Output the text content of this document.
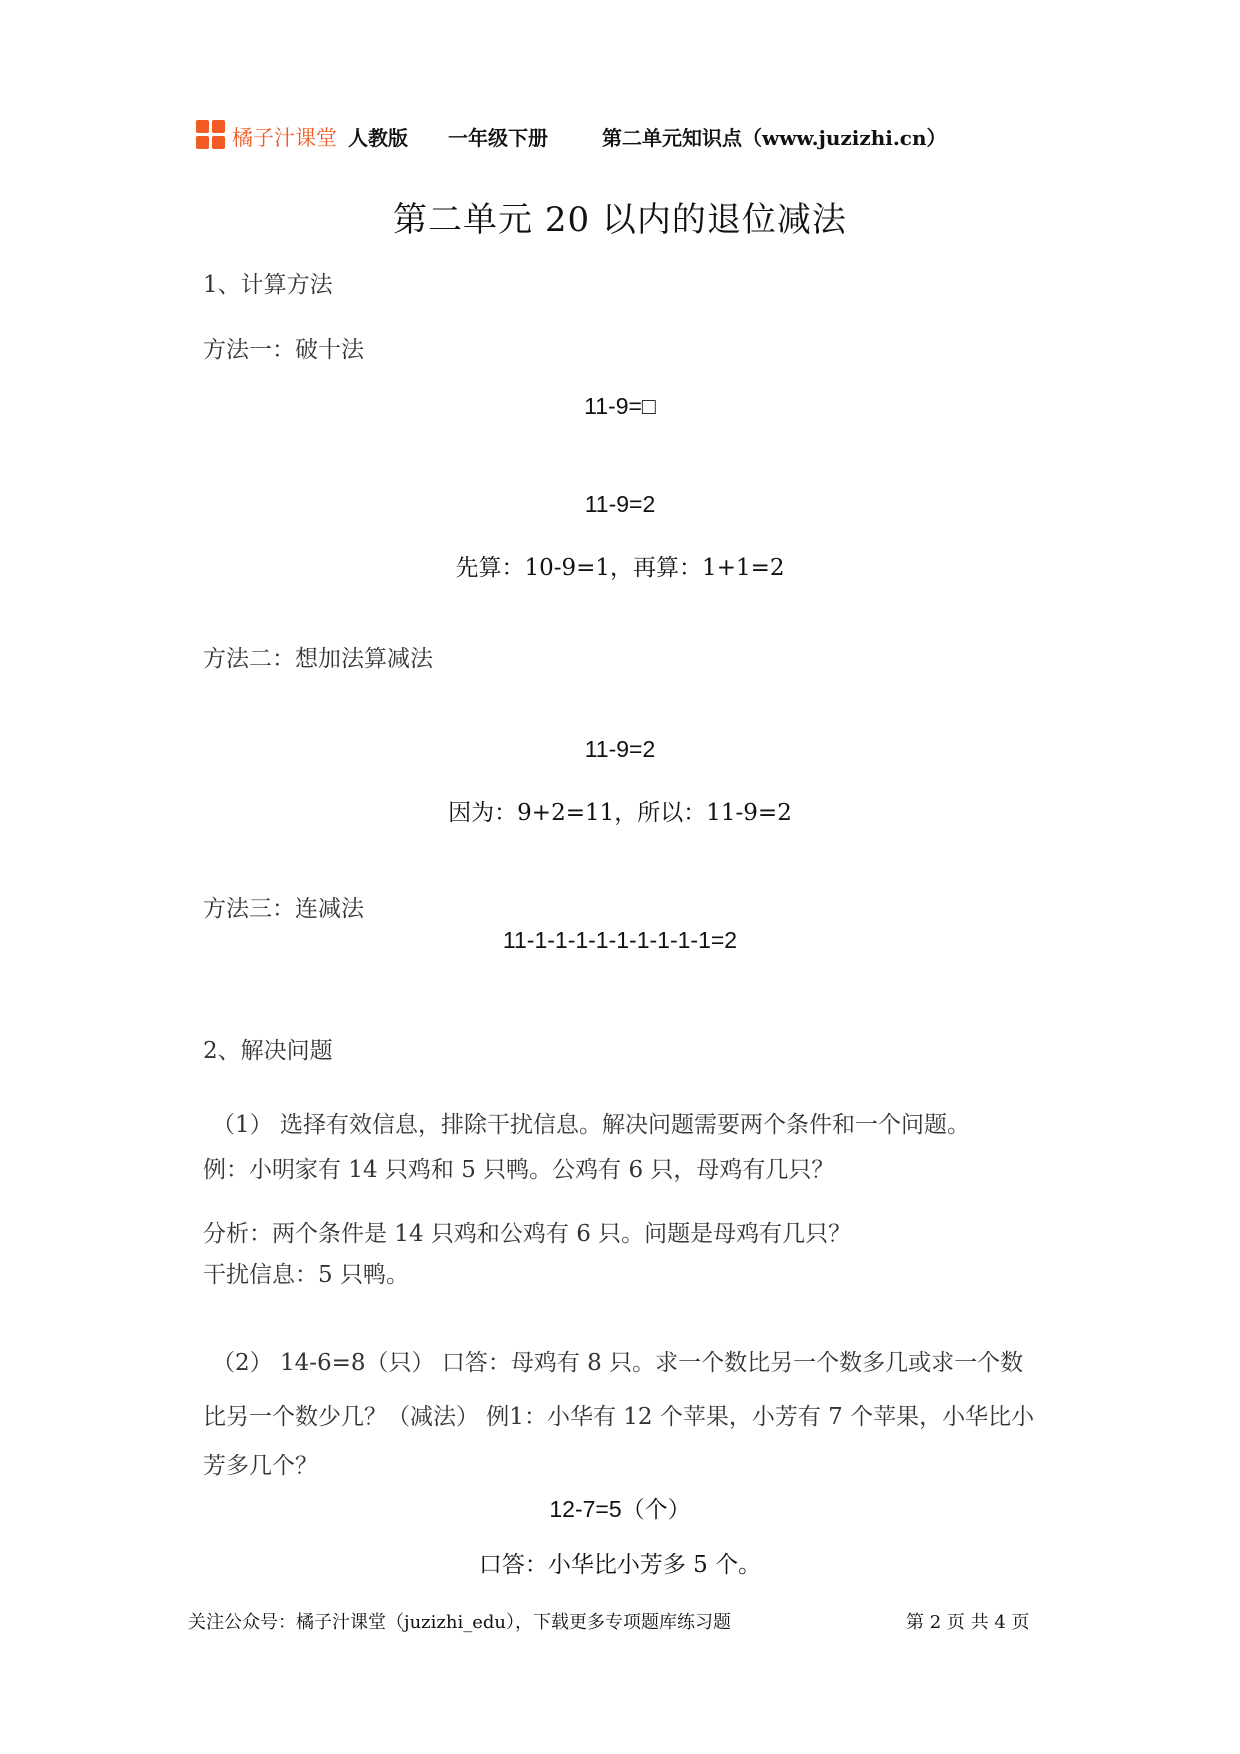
橘子汁课堂 人教版 一年级下册	第二单元知识点（www.juzizhi.cn）
第二单元 20 以内的退位减法
1、计算方法
方法一：破十法
11-9=□
11-9=2
先算：10-9=1，再算：1+1=2
方法二：想加法算减法
11-9=2
因为：9+2=11，所以：11-9=2
方法三：连减法
11-1-1-1-1-1-1-1-1-1=2
2、解决问题
（1） 选择有效信息，排除干扰信息。解决问题需要两个条件和一个问题。
例：小明家有 14 只鸡和 5 只鸭。公鸡有 6 只，母鸡有几只？
分析：两个条件是 14 只鸡和公鸡有 6 只。问题是母鸡有几只？
干扰信息：5 只鸭。
（2） 14-6=8（只） 口答：母鸡有 8 只。求一个数比另一个数多几或求一个数
比另一个数少几？（减法） 例1：小华有 12 个苹果，小芳有 7 个苹果，小华比小
芳多几个？
12-7=5（个）
口答：小华比小芳多 5 个。
关注公众号：橘子汁课堂（juzizhi_edu），下载更多专项题库练习题	第 2 页 共 4 页
